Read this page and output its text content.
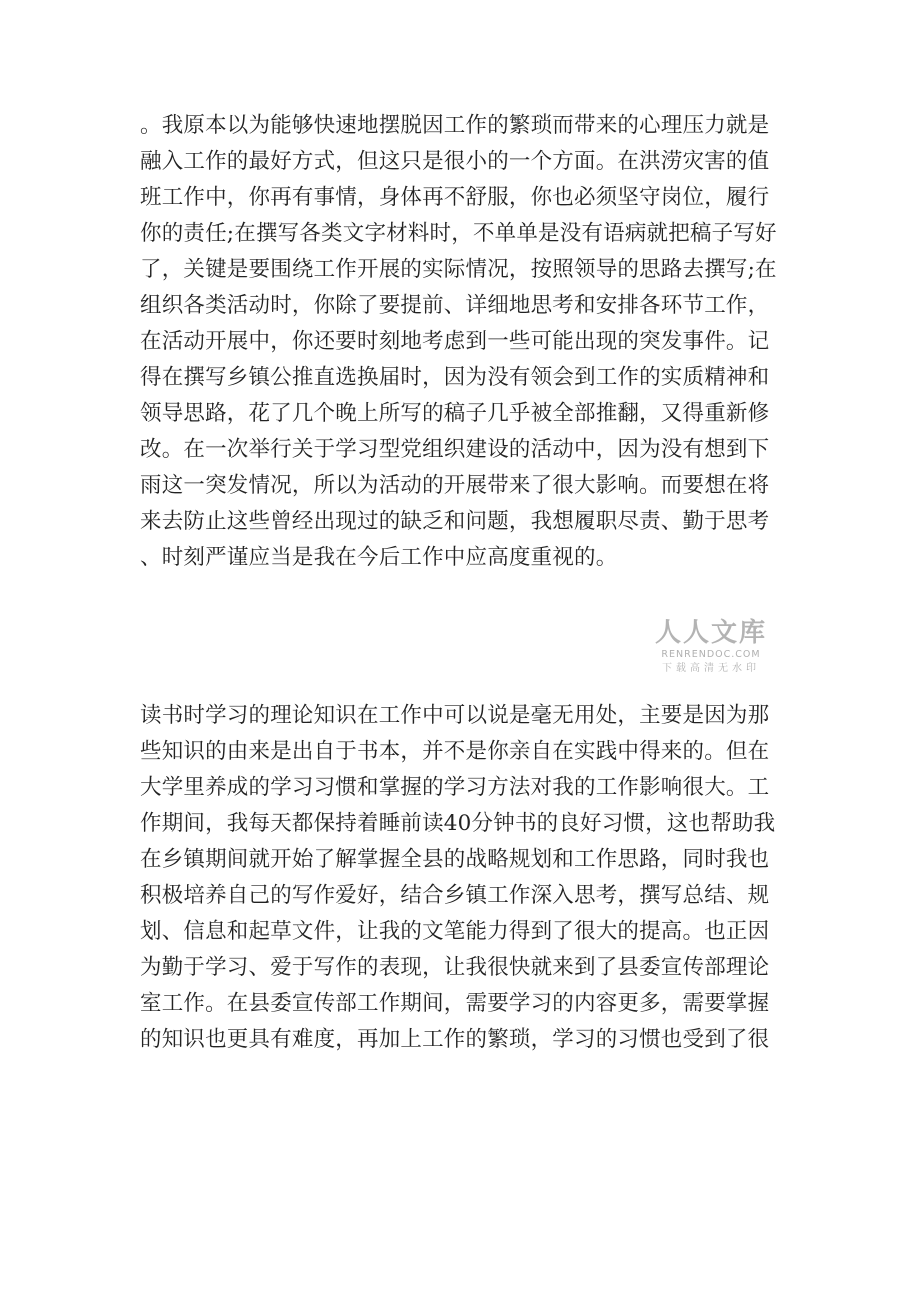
。我原本以为能够快速地摆脱因工作的繁琐而带来的心理压力就是
融入工作的最好方式，但这只是很小的一个方面。在洪涝灾害的值
班工作中，你再有事情，身体再不舒服，你也必须坚守岗位，履行
你的责任;在撰写各类文字材料时，不单单是没有语病就把稿子写好
了，关键是要围绕工作开展的实际情况，按照领导的思路去撰写;在
组织各类活动时，你除了要提前、详细地思考和安排各环节工作，
在活动开展中，你还要时刻地考虑到一些可能出现的突发事件。记
得在撰写乡镇公推直选换届时，因为没有领会到工作的实质精神和
领导思路，花了几个晚上所写的稿子几乎被全部推翻，又得重新修
改。在一次举行关于学习型党组织建设的活动中，因为没有想到下
雨这一突发情况，所以为活动的开展带来了很大影响。而要想在将
来去防止这些曾经出现过的缺乏和问题，我想履职尽责、勤于思考
、时刻严谨应当是我在今后工作中应高度重视的。
人人文库
RENRENDOC.COM
下载高清无水印
读书时学习的理论知识在工作中可以说是毫无用处，主要是因为那
些知识的由来是出自于书本，并不是你亲自在实践中得来的。但在
大学里养成的学习习惯和掌握的学习方法对我的工作影响很大。工
作期间，我每天都保持着睡前读40分钟书的良好习惯，这也帮助我
在乡镇期间就开始了解掌握全县的战略规划和工作思路，同时我也
积极培养自己的写作爱好，结合乡镇工作深入思考，撰写总结、规
划、信息和起草文件，让我的文笔能力得到了很大的提高。也正因
为勤于学习、爱于写作的表现，让我很快就来到了县委宣传部理论
室工作。在县委宣传部工作期间，需要学习的内容更多，需要掌握
的知识也更具有难度，再加上工作的繁琐，学习的习惯也受到了很
